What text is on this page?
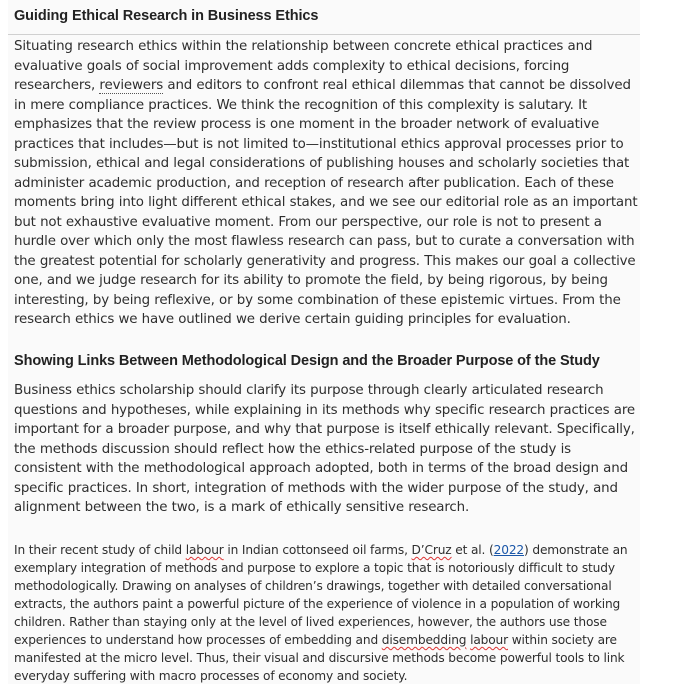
Guiding Ethical Research in Business Ethics
Situating research ethics within the relationship between concrete ethical practices and evaluative goals of social improvement adds complexity to ethical decisions, forcing researchers, reviewers and editors to confront real ethical dilemmas that cannot be dissolved in mere compliance practices. We think the recognition of this complexity is salutary. It emphasizes that the review process is one moment in the broader network of evaluative practices that includes—but is not limited to—institutional ethics approval processes prior to submission, ethical and legal considerations of publishing houses and scholarly societies that administer academic production, and reception of research after publication. Each of these moments bring into light different ethical stakes, and we see our editorial role as an important but not exhaustive evaluative moment. From our perspective, our role is not to present a hurdle over which only the most flawless research can pass, but to curate a conversation with the greatest potential for scholarly generativity and progress. This makes our goal a collective one, and we judge research for its ability to promote the field, by being rigorous, by being interesting, by being reflexive, or by some combination of these epistemic virtues. From the research ethics we have outlined we derive certain guiding principles for evaluation.
Showing Links Between Methodological Design and the Broader Purpose of the Study
Business ethics scholarship should clarify its purpose through clearly articulated research questions and hypotheses, while explaining in its methods why specific research practices are important for a broader purpose, and why that purpose is itself ethically relevant. Specifically, the methods discussion should reflect how the ethics-related purpose of the study is consistent with the methodological approach adopted, both in terms of the broad design and specific practices. In short, integration of methods with the wider purpose of the study, and alignment between the two, is a mark of ethically sensitive research.
In their recent study of child labour in Indian cottonseed oil farms, D’Cruz et al. (2022) demonstrate an exemplary integration of methods and purpose to explore a topic that is notoriously difficult to study methodologically. Drawing on analyses of children’s drawings, together with detailed conversational extracts, the authors paint a powerful picture of the experience of violence in a population of working children. Rather than staying only at the level of lived experiences, however, the authors use those experiences to understand how processes of embedding and disembedding labour within society are manifested at the micro level. Thus, their visual and discursive methods become powerful tools to link everyday suffering with macro processes of economy and society.
